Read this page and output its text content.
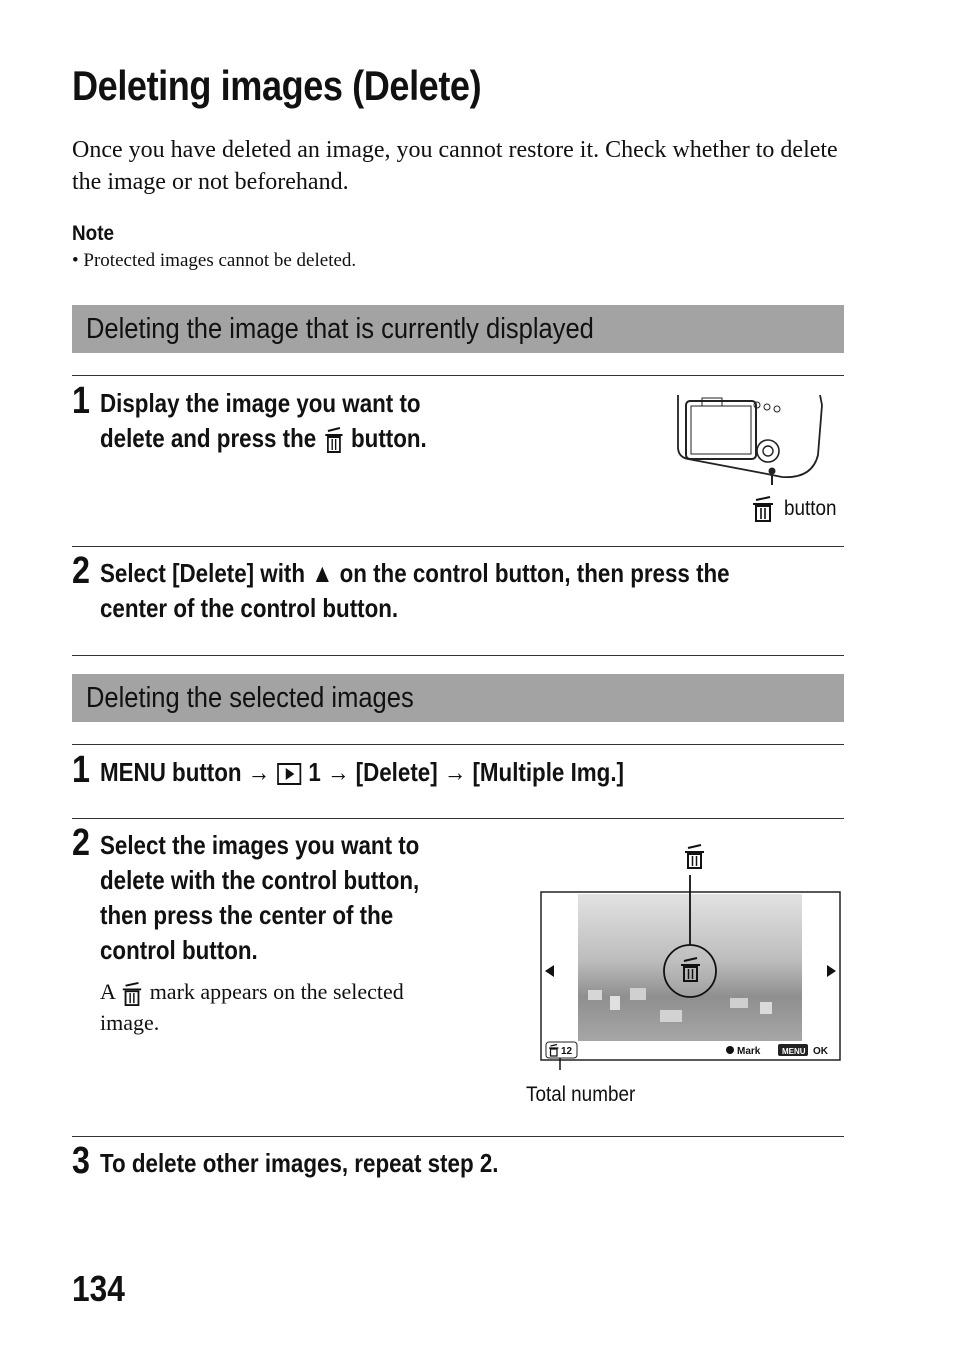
Deleting images (Delete)
Once you have deleted an image, you cannot restore it. Check whether to delete the image or not beforehand.
Note
• Protected images cannot be deleted.
Deleting the image that is currently displayed
1 Display the image you want to
delete and press the button.
button
2 Select [Delete] with ▲ on the control button, then press the
center of the control button.
Deleting the selected images
1 MENU button → 1 → [Delete] → [Multiple Img.]
2 Select the images you want to
delete with the control button,
then press the center of the
control button.
A mark appears on the selected image.
12	Mark	MENU OK
Total number
3 To delete other images, repeat step 2.
134
